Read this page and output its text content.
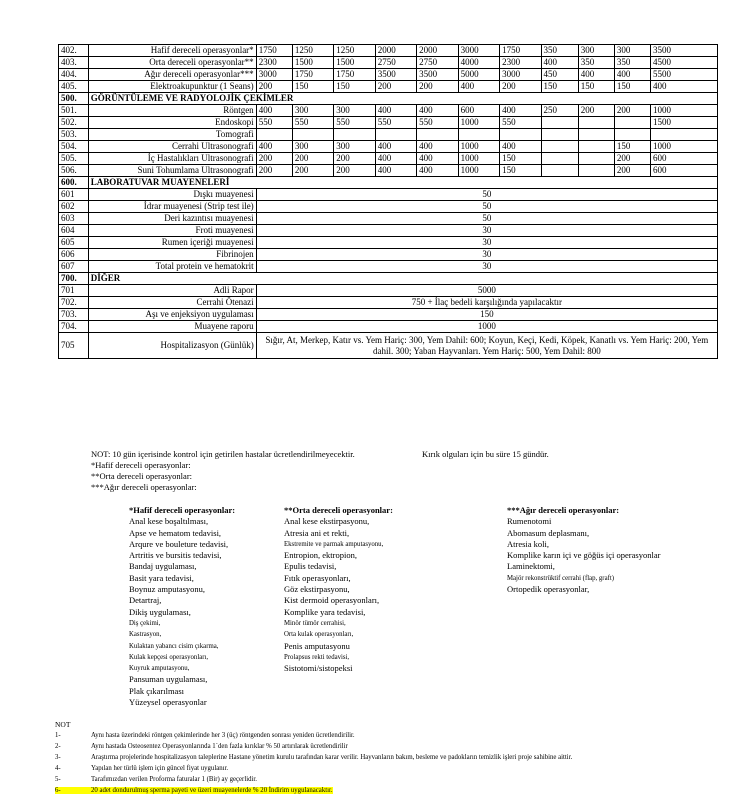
402.	Hafif dereceli operasyonlar*	1750	1250	1250	2000	2000	3000	1750	350	300	300	3500
403.	Orta dereceli operasyonlar**	2300	1500	1500	2750	2750	4000	2300	400	350	350	4500
404.	Ağır dereceli operasyonlar***	3000	1750	1750	3500	3500	5000	3000	450	400	400	5500
405.	Elektroakupunktur (1 Seans)	200	150	150	200	200	400	200	150	150	150	400
500.	GÖRÜNTÜLEME VE RADYOLOJİK ÇEKİMLER											
501.	Röntgen	400	300	300	400	400	600	400	250	200	200	1000
502.	Endoskopi	550	550	550	550	550	1000	550				1500
503.	Tomografi											
504.	Cerrahi Ultrasonografi	400	300	300	400	400	1000	400			150	1000
505.	İç Hastalıkları Ultrasonografi	200	200	200	400	400	1000	150			200	600
506.	Suni Tohumlama Ultrasonografi	200	200	200	400	400	1000	150			200	600
600.	LABORATUVAR MUAYENELERİ											
601	Dışkı muayenesi	50										
602	İdrar muayenesi (Strip test ile)	50										
603	Deri kazıntısı muayenesi	50										
604	Froti muayenesi	30										
605	Rumen içeriği muayenesi	30										
606	Fibrinojen	30										
607	Total protein ve hematokrit	30										
700.	DİĞER											
701	Adli Rapor	5000										
702.	Cerrahi Ötenazi	750 + İlaç bedeli karşılığında yapılacaktır										
703.	Aşı ve enjeksiyon uygulaması	150										
704.	Muayene raporu	1000										
705	Hospitalizasyon (Günlük)	Sığır, At, Merkep, Katır vs. Yem Hariç: 300, Yem Dahil: 600; Koyun, Keçi, Kedi, Köpek, Kanatlı vs. Yem Hariç: 200, Yem dahil. 300; Yaban Hayvanları. Yem Hariç: 500, Yem Dahil: 800										
NOT: 10 gün içerisinde kontrol için getirilen hastalar ücretlendirilmeyecektir.	Kırık olguları için bu süre 15 gündür.
*Hafif dereceli operasyonlar:
**Orta dereceli operasyonlar:
***Ağır dereceli operasyonlar:
*Hafif dereceli operasyonlar:
Anal kese boşaltılması,
Apse ve hematom tedavisi,
Arqure ve bouleture tedavisi,
Artritis ve bursitis tedavisi,
Bandaj uygulaması,
Basit yara tedavisi,
Boynuz amputasyonu,
Detartraj,
Dikiş uygulaması,
Diş çekimi,
Kastrasyon,
Kulaktan yabancı cisim çıkarma,
Kulak kepçesi operasyonları,
Kuyruk amputasyonu,
Pansuman uygulaması,
Plak çıkarılması
Yüzeysel operasyonlar
**Orta dereceli operasyonlar:
Anal kese ekstirpasyonu,
Atresia ani et rekti,
Ekstremite ve parmak amputasyonu,
Entropion, ektropion,
Epulis tedavisi,
Fıtık operasyonları,
Göz ekstirpasyonu,
Kist dermoid operasyonları,
Komplike yara tedavisi,
Minör tümör cerrahisi,
Orta kulak operasyonları,
Penis amputasyonu
Prolapsus rekti tedavisi,
Sistotomi/sistopeksi
***Ağır dereceli operasyonlar:
Rumenotomi
Abomasum deplasmanı,
Atresia koli,
Komplike karın içi ve göğüs içi operasyonlar
Laminektomi,
Majör rekonstrüktif cerrahi (flap, graft)
Ortopedik operasyonlar,
NOT
1-	Aynı hasta üzerindeki röntgen çekimlerinde her 3 (üç) röntgenden sonrası yeniden ücretlendirilir.
2-	Aynı hastada Osteosentez Operasyonlarında 1`den fazla kırıklar % 50 artırılarak ücretlendirilir
3-	Araştırma projelerinde hospitalizasyon taleplerine Hastane yönetim kurulu tarafından karar verilir. Hayvanların bakım, besleme ve padokların temizlik işleri proje sahibine aittir.
4-	Yapılan her türlü işlem için güncel fiyat uygulanır.
5-	Tarafımızdan verilen Proforma faturalar 1 (Bir) ay geçerlidir.
6-	20 adet dondurulmuş sperma payeti ve üzeri muayenelerde % 20 İndirim uygulanacaktır.
